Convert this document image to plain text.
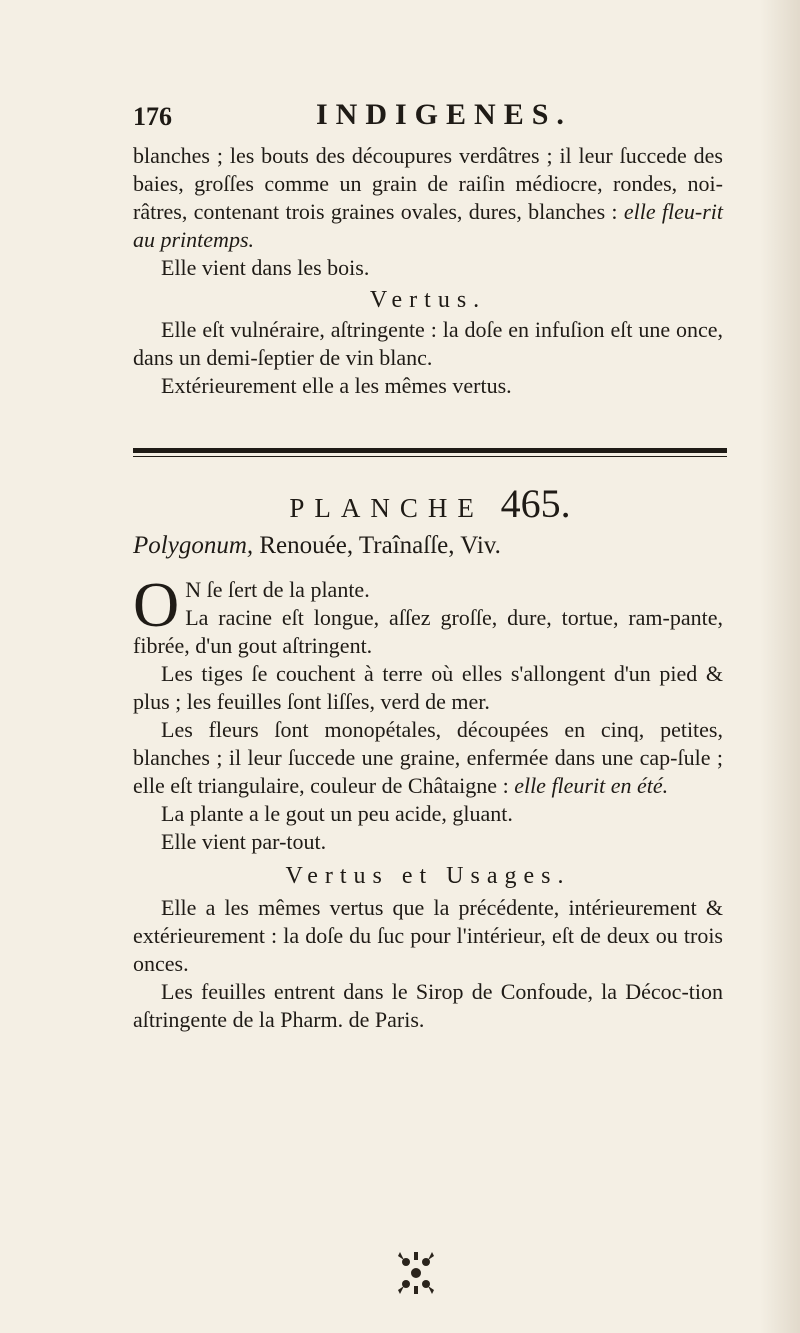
176	INDIGENES.

blanches ; les bouts des découpures verdâtres ; il leur ſuccede des baies, groſſes comme un grain de raiſin médiocre, rondes, noi-râtres, contenant trois graines ovales, dures, blanches : elle fleu-rit au printemps.

Elle vient dans les bois.

Vertus.

Elle eſt vulnéraire, aſtringente : la doſe en infuſion eſt une once, dans un demi-ſeptier de vin blanc.

Extérieurement elle a les mêmes vertus.

PLANCHE 465.
Polygonum, Renouée, Traînaſſe, Viv.

O N ſe ſert de la plante.

La racine eſt longue, aſſez groſſe, dure, tortue, ram-pante, fibrée, d'un gout aſtringent.

Les tiges ſe couchent à terre où elles s'allongent d'un pied & plus ; les feuilles ſont liſſes, verd de mer.

Les fleurs ſont monopétales, découpées en cinq, petites, blanches ; il leur ſuccede une graine, enfermée dans une cap-ſule ; elle eſt triangulaire, couleur de Châtaigne : elle fleurit en été.

La plante a le gout un peu acide, gluant.

Elle vient par-tout.

Vertus et Usages.

Elle a les mêmes vertus que la précédente, intérieurement & extérieurement : la doſe du ſuc pour l'intérieur, eſt de deux ou trois onces.

Les feuilles entrent dans le Sirop de Confoude, la Décoc-tion aſtringente de la Pharm. de Paris.
